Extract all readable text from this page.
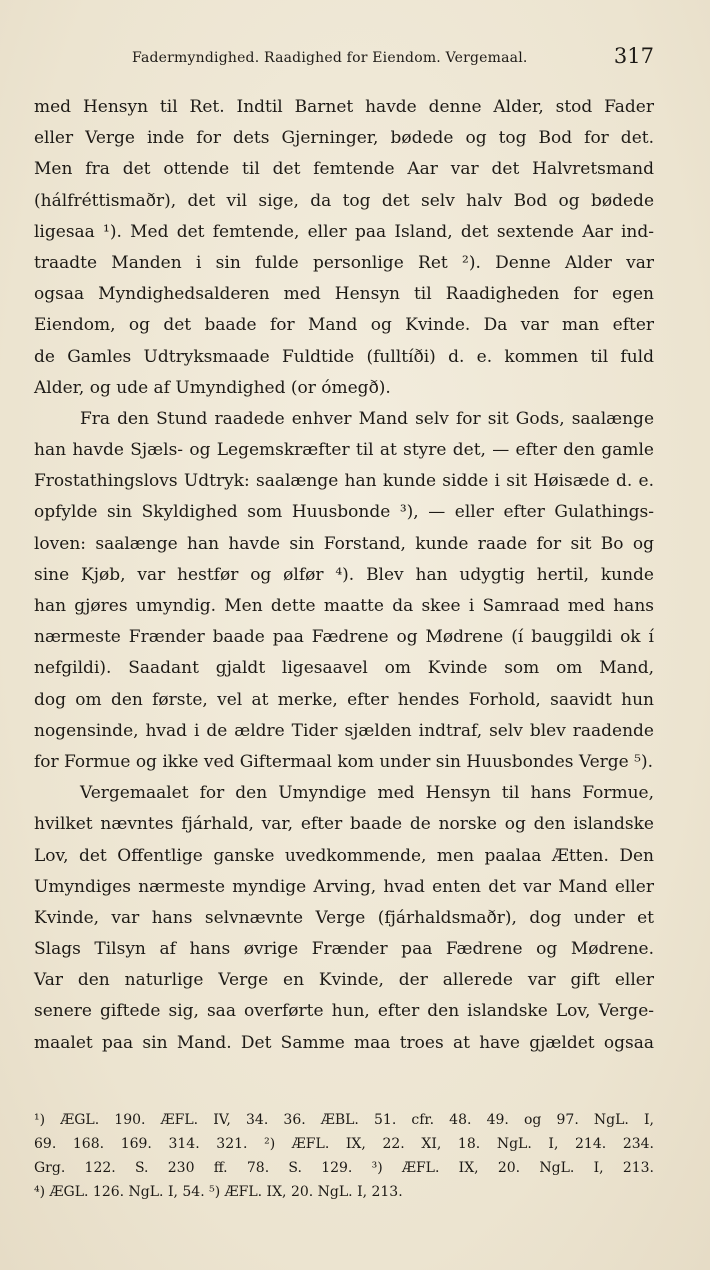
Fadermyndighed. Raadighed for Eiendom. Vergemaal.	317
med Hensyn til Ret. Indtil Barnet havde denne Alder, stod Fader
eller Verge inde for dets Gjerninger, bødede og tog Bod for det.
Men fra det ottende til det femtende Aar var det Halvretsmand
(hálfréttismaðr), det vil sige, da tog det selv halv Bod og bødede
ligesaa ¹). Med det femtende, eller paa Island, det sextende Aar ind-
traadte Manden i sin fulde personlige Ret ²). Denne Alder var
ogsaa Myndighedsalderen med Hensyn til Raadigheden for egen
Eiendom, og det baade for Mand og Kvinde. Da var man efter
de Gamles Udtryksmaade Fuldtide (fulltíði) d. e. kommen til fuld
Alder, og ude af Umyndighed (or ómegð).
Fra den Stund raadede enhver Mand selv for sit Gods, saalænge
han havde Sjæls- og Legemskræfter til at styre det, — efter den gamle
Frostathingslovs Udtryk: saalænge han kunde sidde i sit Høisæde d. e.
opfylde sin Skyldighed som Huusbonde ³), — eller efter Gulathings-
loven: saalænge han havde sin Forstand, kunde raade for sit Bo og
sine Kjøb, var hestfør og ølfør ⁴). Blev han udygtig hertil, kunde
han gjøres umyndig. Men dette maatte da skee i Samraad med hans
nærmeste Frænder baade paa Fædrene og Mødrene (í bauggildi ok í
nefgildi). Saadant gjaldt ligesaavel om Kvinde som om Mand,
dog om den første, vel at merke, efter hendes Forhold, saavidt hun
nogensinde, hvad i de ældre Tider sjælden indtraf, selv blev raadende
for Formue og ikke ved Giftermaal kom under sin Huusbondes Verge ⁵).
Vergemaalet for den Umyndige med Hensyn til hans Formue,
hvilket nævntes fjárhald, var, efter baade de norske og den islandske
Lov, det Offentlige ganske uvedkommende, men paalaa Ætten. Den
Umyndiges nærmeste myndige Arving, hvad enten det var Mand eller
Kvinde, var hans selvnævnte Verge (fjárhaldsmaðr), dog under et
Slags Tilsyn af hans øvrige Frænder paa Fædrene og Mødrene.
Var den naturlige Verge en Kvinde, der allerede var gift eller
senere giftede sig, saa overførte hun, efter den islandske Lov, Verge-
maalet paa sin Mand. Det Samme maa troes at have gjældet ogsaa
¹) ÆGL. 190. ÆFL. IV, 34. 36. ÆBL. 51. cfr. 48. 49. og 97. NgL. I,
69. 168. 169. 314. 321. ²) ÆFL. IX, 22. XI, 18. NgL. I, 214. 234.
Grg. 122. S. 230 ff. 78. S. 129. ³) ÆFL. IX, 20. NgL. I, 213.
⁴) ÆGL. 126. NgL. I, 54. ⁵) ÆFL. IX, 20. NgL. I, 213.
